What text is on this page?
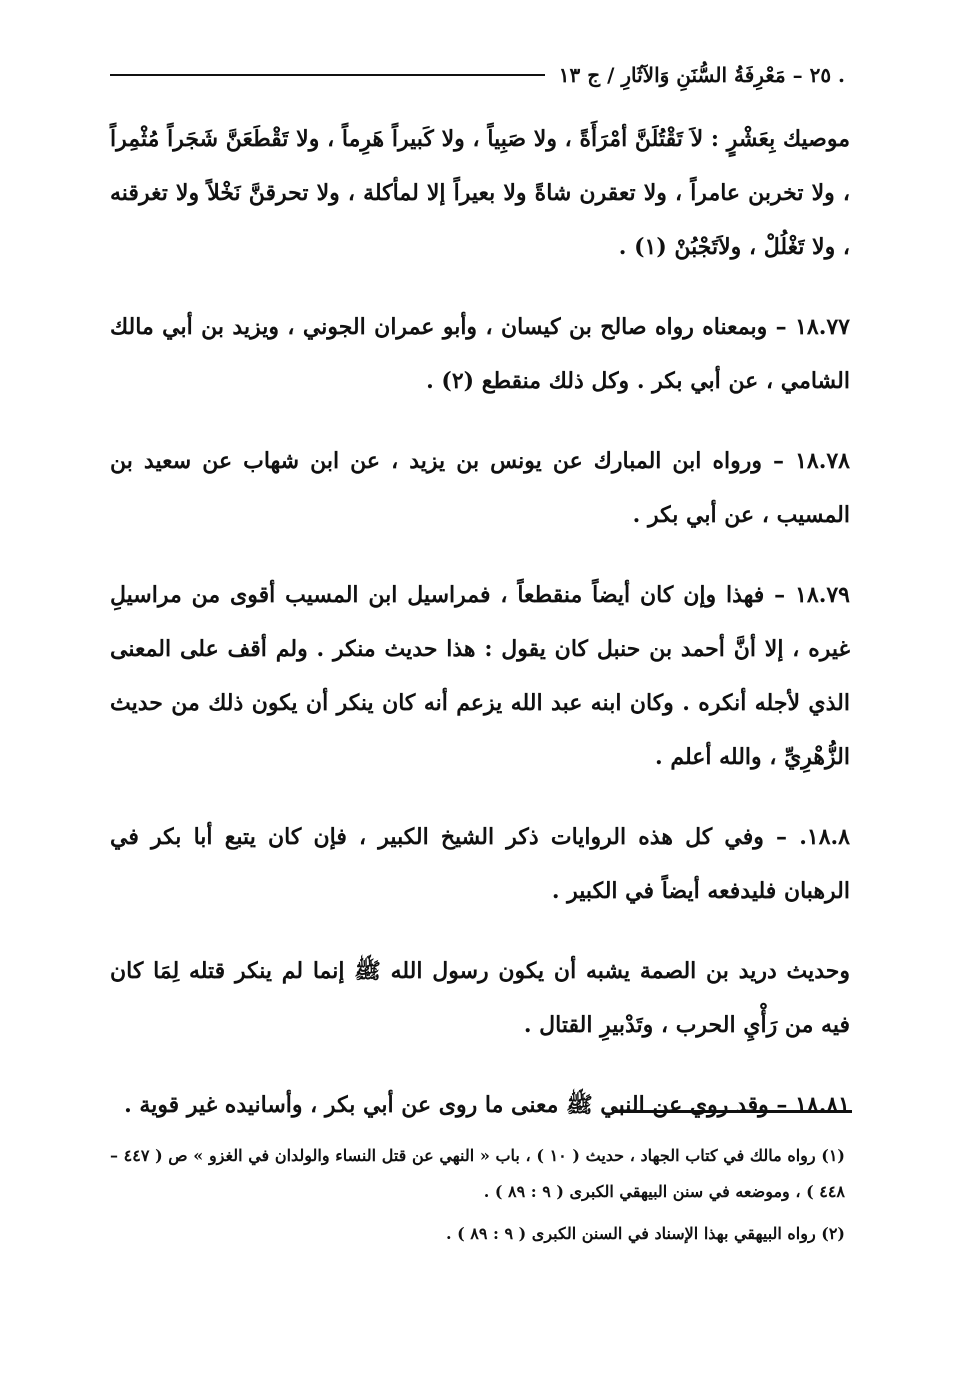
. ٢٥ – مَعْرِفَةُ السُّنَنِ وَالآثَارِ / ج ١٣

موصيك بِعَشْرٍ : لاَ تَقْتُلَنَّ أمْرَأَةً ، ولا صَبِياً ، ولا كَبيراً هَرِماً ، ولا تَقْطَعَنَّ شَجَراً مُثْمِراً ، ولا تخربن عامراً ، ولا تعقرن شاةً ولا بعيراً إلا لمأكلة ، ولا تحرقنَّ نَخْلاً ولا تغرقنه ، ولا تَغْلُلْ ، ولاَتَجْبُنْ (١) .

١٨.٧٧ – وبمعناه رواه صالح بن كيسان ، وأبو عمران الجوني ، ويزيد بن أبي مالك الشامي ، عن أبي بكر . وكل ذلك منقطع (٢) .

١٨.٧٨ – ورواه ابن المبارك عن يونس بن يزيد ، عن ابن شهاب عن سعيد بن المسيب ، عن أبي بكر .

١٨.٧٩ – فهذا وإن كان أيضاً منقطعاً ، فمراسيل ابن المسيب أقوى من مراسيلِ غيره ، إلا أنَّ أحمد بن حنبل كان يقول : هذا حديث منكر . ولم أقف على المعنى الذي لأجله أنكره . وكان ابنه عبد الله يزعم أنه كان ينكر أن يكون ذلك من حديث الزُّهْرِيِّ ، والله أعلم .

١٨.٨. – وفي كل هذه الروايات ذكر الشيخ الكبير ، فإن كان يتبع أبا بكر في الرهبان فليدفعه أيضاً في الكبير .

وحديث دريد بن الصمة يشبه أن يكون رسول الله ﷺ إنما لم ينكر قتله لِمَا كان فيه من رَأْيِ الحرب ، وتَدْبيرِ القتال .

١٨.٨١ – وقد روي عن النبي ﷺ معنى ما روى عن أبي بكر ، وأسانيده غير قوية .

(١) رواه مالك في كتاب الجهاد ، حديث ( ١٠ ) ، باب « النهي عن قتل النساء والولدان في الغزو » ص ( ٤٤٧ – ٤٤٨ ) ، وموضعه في سنن البيهقي الكبرى ( ٩ : ٨٩ ) .

(٢) رواه البيهقي بهذا الإسناد في السنن الكبرى ( ٩ : ٨٩ ) .
